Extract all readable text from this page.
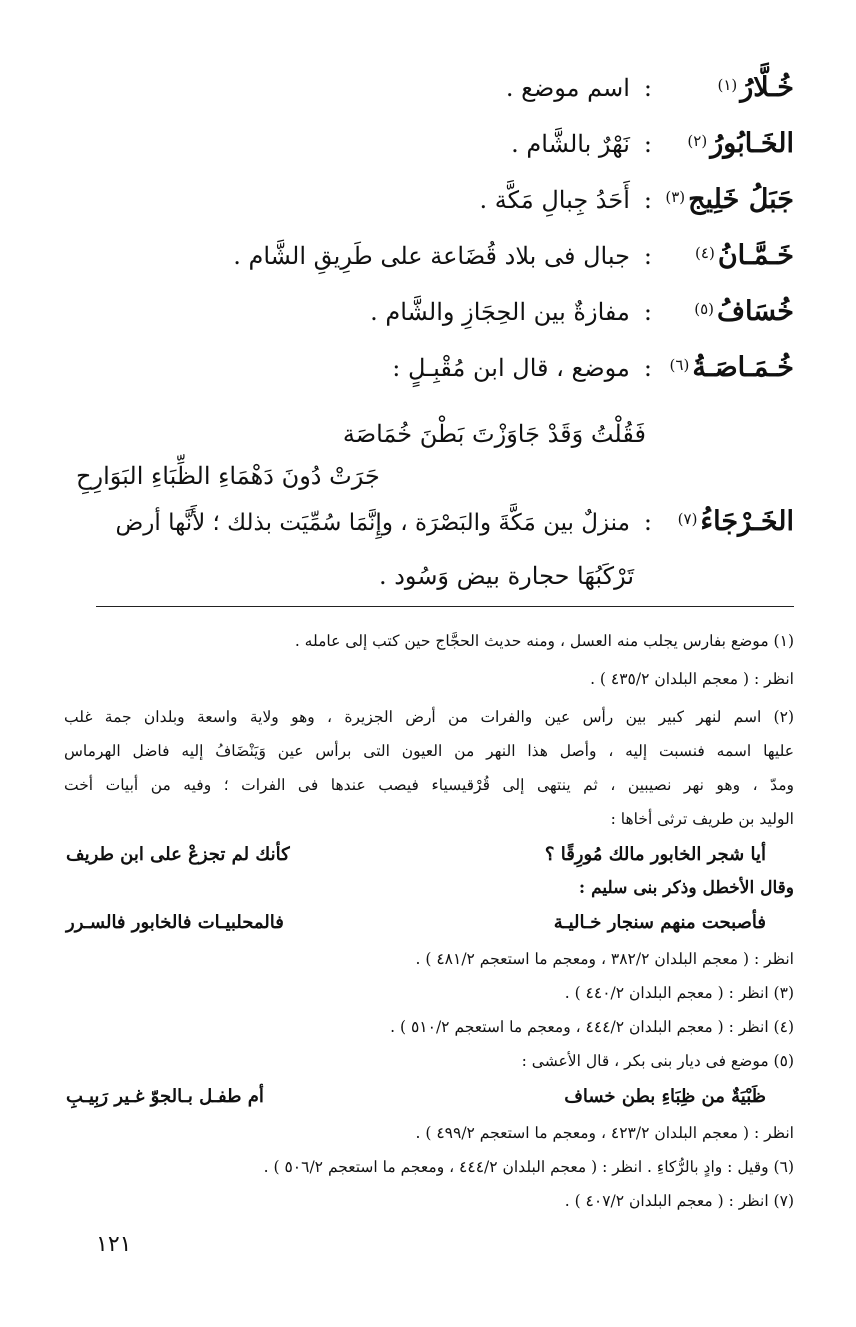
خُـلَّارُ(١)
:
اسم موضع .
الخَـابُورُ(٢)
:
نَهْرٌ بالشَّام .
جَبَلُ خَلِيج(٣)
:
أَحَدُ جِبالِ مَكَّة .
خَـمَّـانُ(٤)
:
جبال فى بلاد قُضَاعة على طَرِيقِ الشَّام .
خُسَافُ(٥)
:
مفازةٌ بين الحِجَازِ والشَّام .
خُـمَـاصَـةُ(٦)
:
موضع ، قال ابن مُقْبِـلٍ :
فَقُلْتُ وَقَدْ جَاوَزْتَ بَطْنَ خُمَاصَة
جَرَتْ دُونَ دَهْمَاءِ الظِّبَاءِ البَوَارِحِ
الخَـرْجَاءُ(٧)
:
منزلٌ بين مَكَّةَ والبَصْرَة ، وإِنَّمَا سُمِّيَت بذلك ؛ لأَنَّها أرض
تَرْكَبُهَا حجارة بيض وَسُود .
(١) موضع بفارس يجلب منه العسل ، ومنه حديث الحجَّاج حين كتب إلى عامله .
انظر : ( معجم البلدان ٤٣٥/٢ ) .
(٢) اسم لنهر كبير بين رأس عين والفرات من أرض الجزيرة ، وهو ولاية واسعة وبلدان جمة غلب
عليها اسمه فنسبت إليه ، وأصل هذا النهر من العيون التى برأس عين وَيَنْضَافُ إليه فاضل الهرماس
ومدّ ، وهو نهر نصيبين ، ثم ينتهى إلى قُرْقيسياء فيصب عندها فى الفرات ؛ وفيه من أبيات أخت
الوليد بن طريف ترثى أخاها :
أيا شجر الخابور مالك مُورِقًا ؟
كأنك لم تجزعْ على ابن طريف
وقال الأخطل وذكر بنى سليم :
فأصبحت منهم سنجار خـاليـة
فالمحلبيـات فالخابور فالسـرر
انظر : ( معجم البلدان ٣٨٢/٢ ، ومعجم ما استعجم ٤٨١/٢ ) .
(٣) انظر : ( معجم البلدان ٤٤٠/٢ ) .
(٤) انظر : ( معجم البلدان ٤٤٤/٢ ، ومعجم ما استعجم ٥١٠/٢ ) .
(٥) موضع فى ديار بنى بكر ، قال الأعشى :
ظَبْيَةٌ من ظِبَاءِ بطن خساف
أم طفـل بـالجوّ غـير رَبِيـبِ
انظر : ( معجم البلدان ٤٢٣/٢ ، ومعجم ما استعجم ٤٩٩/٢ ) .
(٦) وقيل : وادٍ بالرُّكاءِ . انظر : ( معجم البلدان ٤٤٤/٢ ، ومعجم ما استعجم ٥٠٦/٢ ) .
(٧) انظر : ( معجم البلدان ٤٠٧/٢ ) .
١٢١
